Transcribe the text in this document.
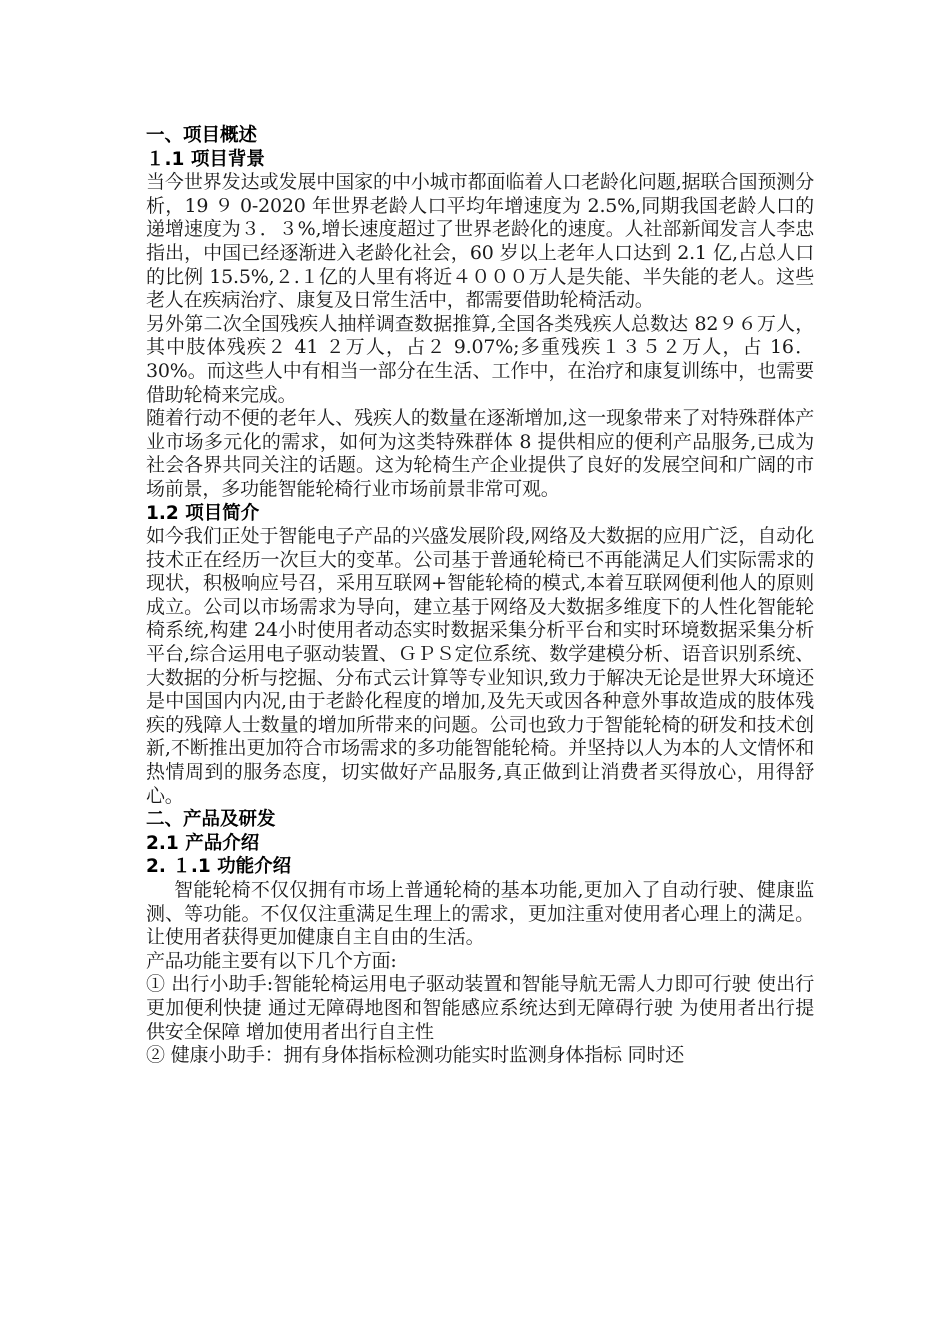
一、项目概述
１.1 项目背景

当今世界发达或发展中国家的中小城市都面临着人口老龄化问题,据联合国预测分析，19 ９ 0-2020 年世界老龄人口平均年增速度为 2.5%,同期我国老龄人口的递增速度为３．３%,增长速度超过了世界老龄化的速度。人社部新闻发言人李忠指出，中国已经逐渐进入老龄化社会，60 岁以上老年人口达到 2.1 亿,占总人口的比例 15.5%,２.１亿的人里有将近４０００万人是失能、半失能的老人。这些老人在疾病治疗、康复及日常生活中，都需要借助轮椅活动。

另外第二次全国残疾人抽样调查数据推算,全国各类残疾人总数达 82９６万人，其中肢体残疾２ 41 ２万人，占２ 9.07%;多重残疾１３５２万人，占 16．30%。而这些人中有相当一部分在生活、工作中，在治疗和康复训练中，也需要借助轮椅来完成。

随着行动不便的老年人、残疾人的数量在逐渐增加,这一现象带来了对特殊群体产业市场多元化的需求，如何为这类特殊群体 8 提供相应的便利产品服务,已成为社会各界共同关注的话题。这为轮椅生产企业提供了良好的发展空间和广阔的市场前景，多功能智能轮椅行业市场前景非常可观。

1.2 项目简介

如今我们正处于智能电子产品的兴盛发展阶段,网络及大数据的应用广泛，自动化技术正在经历一次巨大的变革。公司基于普通轮椅已不再能满足人们实际需求的现状，积极响应号召，采用互联网+智能轮椅的模式,本着互联网便利他人的原则成立。公司以市场需求为导向，建立基于网络及大数据多维度下的人性化智能轮椅系统,构建 24小时使用者动态实时数据采集分析平台和实时环境数据采集分析平台,综合运用电子驱动装置、ＧＰＳ定位系统、数学建模分析、语音识别系统、大数据的分析与挖掘、分布式云计算等专业知识,致力于解决无论是世界大环境还是中国国内内况,由于老龄化程度的增加,及先天或因各种意外事故造成的肢体残疾的残障人士数量的增加所带来的问题。公司也致力于智能轮椅的研发和技术创新,不断推出更加符合市场需求的多功能智能轮椅。并坚持以人为本的人文情怀和热情周到的服务态度，切实做好产品服务,真正做到让消费者买得放心，用得舒心。

二、产品及研发
2.1 产品介绍
2. １.1 功能介绍

智能轮椅不仅仅拥有市场上普通轮椅的基本功能,更加入了自动行驶、健康监测、等功能。不仅仅注重满足生理上的需求，更加注重对使用者心理上的满足。让使用者获得更加健康自主自由的生活。

产品功能主要有以下几个方面:

① 出行小助手:智能轮椅运用电子驱动装置和智能导航无需人力即可行驶 使出行更加便利快捷 通过无障碍地图和智能感应系统达到无障碍行驶 为使用者出行提供安全保障 增加使用者出行自主性

② 健康小助手：拥有身体指标检测功能实时监测身体指标 同时还
